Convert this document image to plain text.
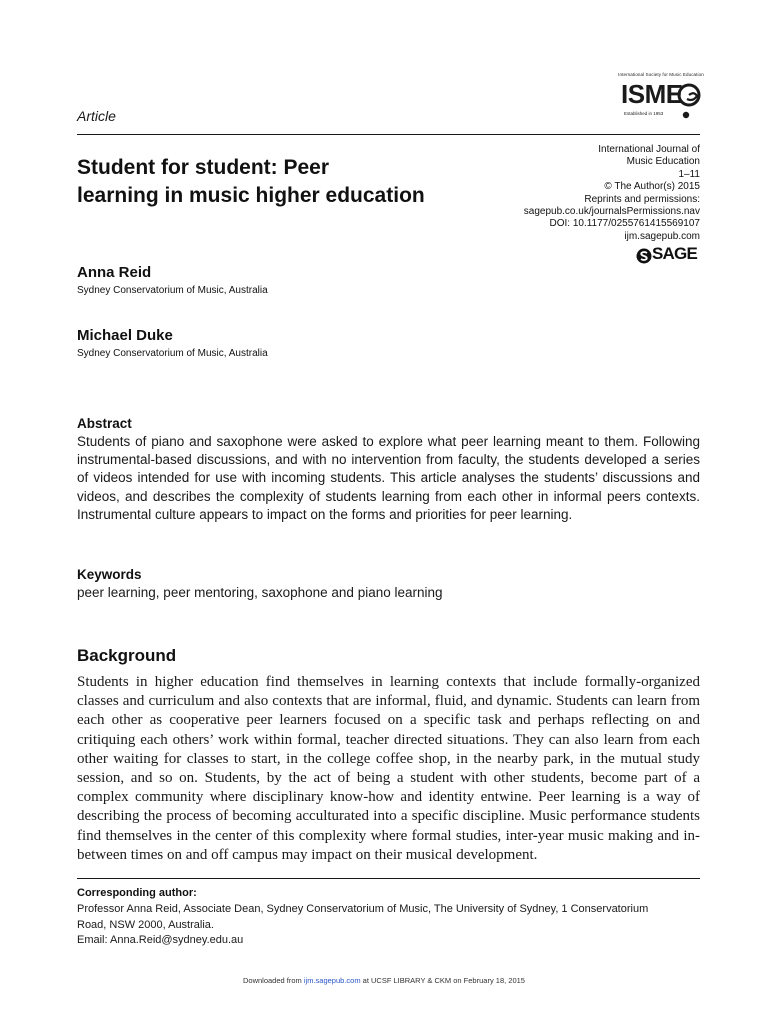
International Society for Music Education
ISME
Established in 1953
Article
Student for student: Peer
learning in music higher education
International Journal of
Music Education
1–11
© The Author(s) 2015
Reprints and permissions:
sagepub.co.uk/journalsPermissions.nav
DOI: 10.1177/0255761415569107
ijm.sagepub.com
SAGE
Anna Reid
Sydney Conservatorium of Music, Australia
Michael Duke
Sydney Conservatorium of Music, Australia
Abstract
Students of piano and saxophone were asked to explore what peer learning meant to them. Following instrumental-based discussions, and with no intervention from faculty, the students developed a series of videos intended for use with incoming students. This article analyses the students’ discussions and videos, and describes the complexity of students learning from each other in informal peers contexts. Instrumental culture appears to impact on the forms and priorities for peer learning.
Keywords
peer learning, peer mentoring, saxophone and piano learning
Background
Students in higher education find themselves in learning contexts that include formally-organized classes and curriculum and also contexts that are informal, fluid, and dynamic. Students can learn from each other as cooperative peer learners focused on a specific task and perhaps reflecting on and critiquing each others’ work within formal, teacher directed situations. They can also learn from each other waiting for classes to start, in the college coffee shop, in the nearby park, in the mutual study session, and so on. Students, by the act of being a student with other students, become part of a complex community where disciplinary know-how and identity entwine. Peer learning is a way of describing the process of becoming acculturated into a specific discipline. Music performance students find themselves in the center of this complexity where formal studies, inter-year music making and in-between times on and off campus may impact on their musical development.
Corresponding author:
Professor Anna Reid, Associate Dean, Sydney Conservatorium of Music, The University of Sydney, 1 Conservatorium
Road, NSW 2000, Australia.
Email: Anna.Reid@sydney.edu.au
Downloaded from ijm.sagepub.com at UCSF LIBRARY & CKM on February 18, 2015
